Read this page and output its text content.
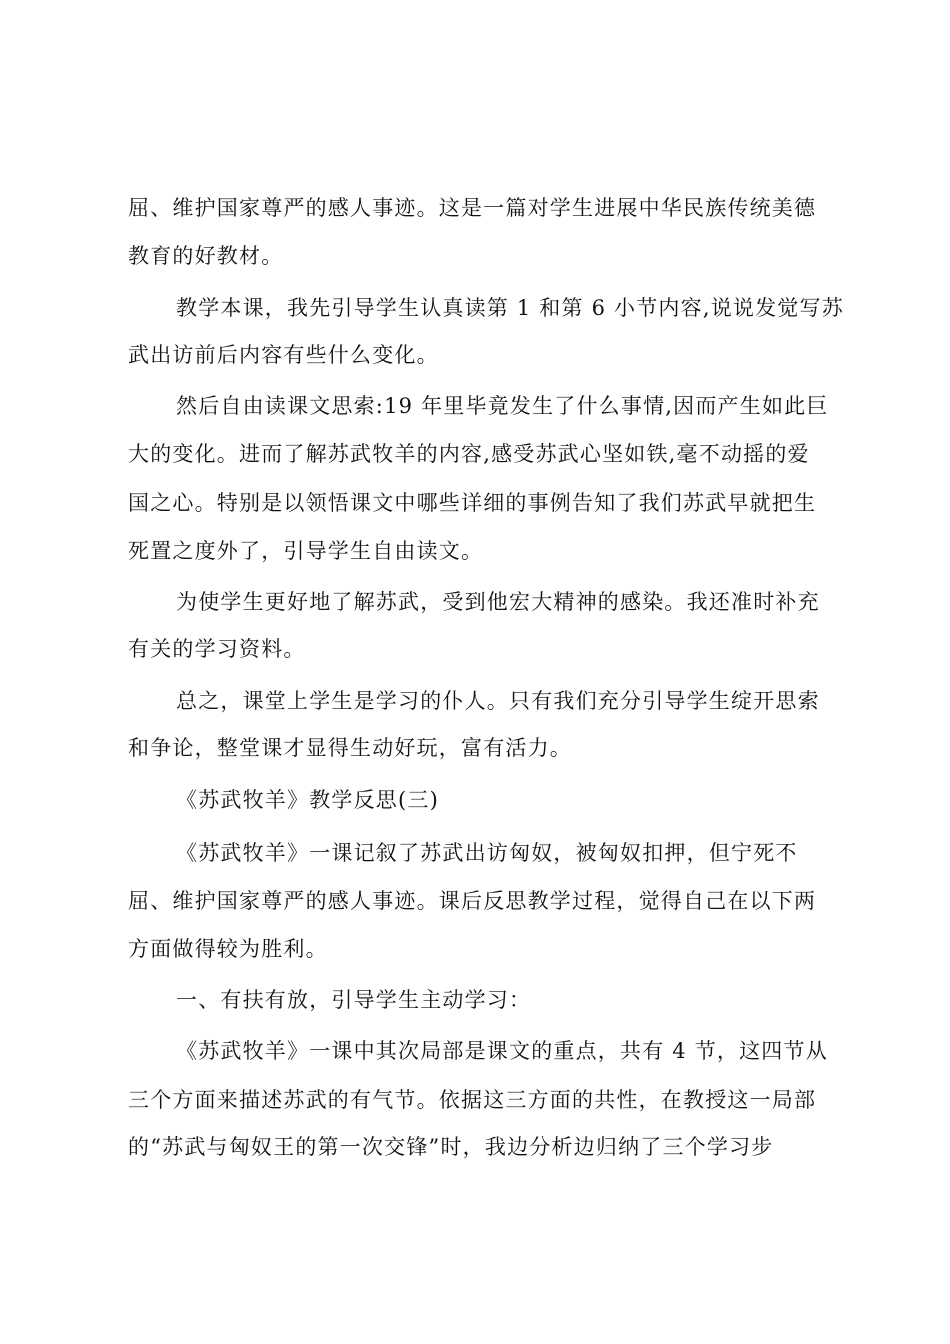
屈、维护国家尊严的感人事迹。这是一篇对学生进展中华民族传统美德
教育的好教材。
教学本课，我先引导学生认真读第 1 和第 6 小节内容,说说发觉写苏
武出访前后内容有些什么变化。
然后自由读课文思索:19 年里毕竟发生了什么事情,因而产生如此巨
大的变化。进而了解苏武牧羊的内容,感受苏武心坚如铁,毫不动摇的爱
国之心。特别是以领悟课文中哪些详细的事例告知了我们苏武早就把生
死置之度外了，引导学生自由读文。
为使学生更好地了解苏武，受到他宏大精神的感染。我还准时补充
有关的学习资料。
总之，课堂上学生是学习的仆人。只有我们充分引导学生绽开思索
和争论，整堂课才显得生动好玩，富有活力。
《苏武牧羊》教学反思(三)
《苏武牧羊》一课记叙了苏武出访匈奴，被匈奴扣押，但宁死不
屈、维护国家尊严的感人事迹。课后反思教学过程，觉得自己在以下两
方面做得较为胜利。
一、有扶有放，引导学生主动学习：
《苏武牧羊》一课中其次局部是课文的重点，共有 4 节，这四节从
三个方面来描述苏武的有气节。依据这三方面的共性，在教授这一局部
的“苏武与匈奴王的第一次交锋”时，我边分析边归纳了三个学习步
